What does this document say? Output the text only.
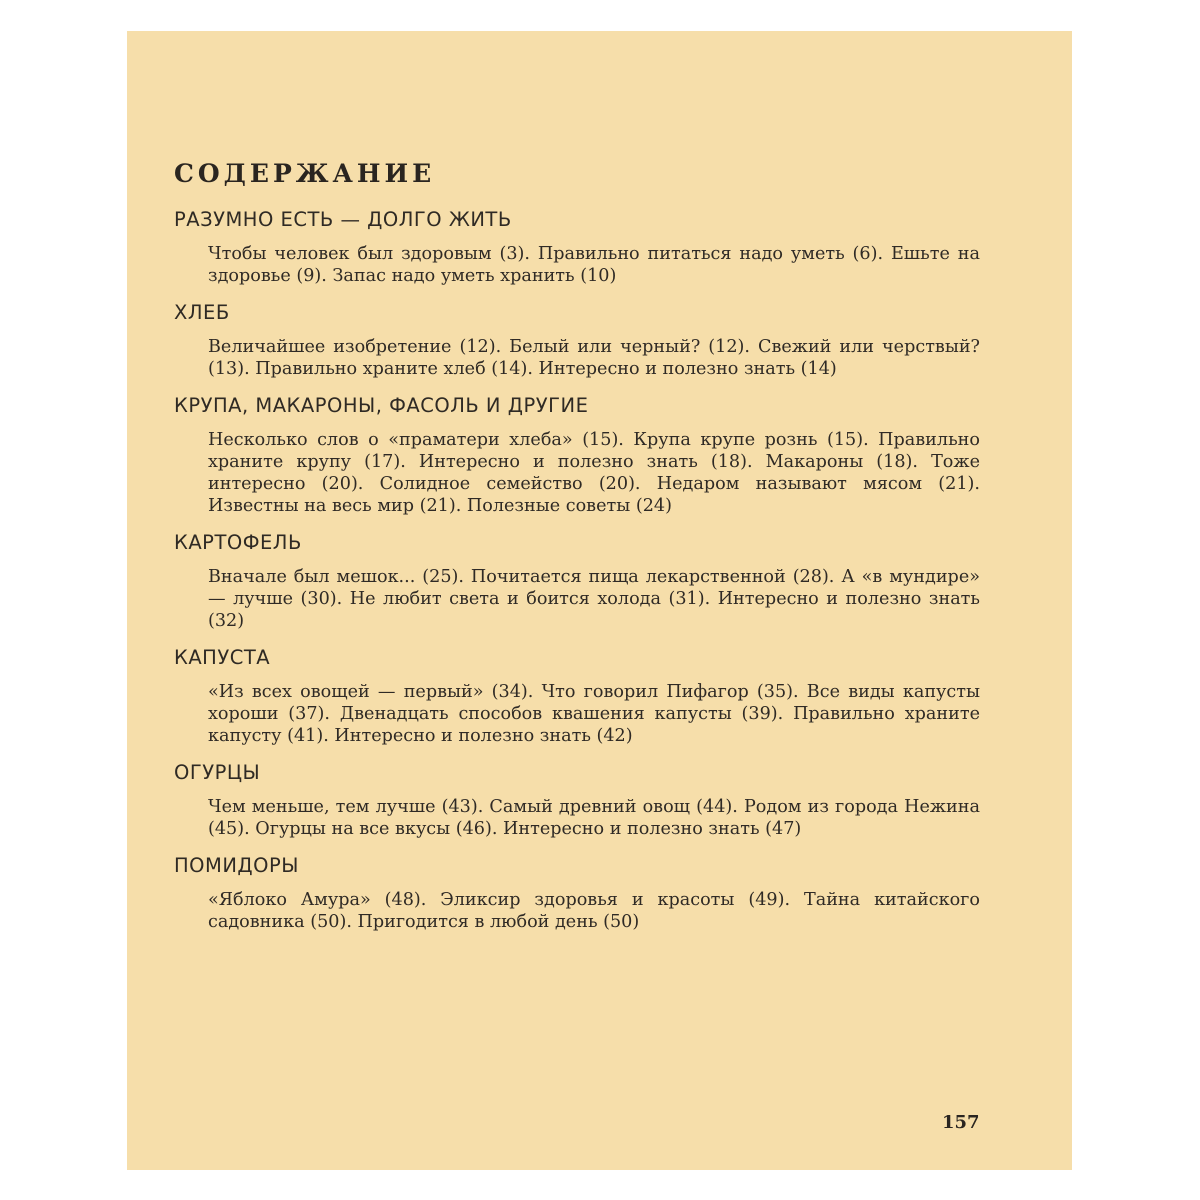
СОДЕРЖАНИЕ
РАЗУМНО ЕСТЬ — ДОЛГО ЖИТЬ

Чтобы человек был здоровым (3). Правильно питаться надо уметь (6). Ешьте на здоровье (9). Запас надо уметь хранить (10)

ХЛЕБ

Величайшее изобретение (12). Белый или черный? (12). Свежий или черствый? (13). Правильно храните хлеб (14). Интересно и полезно знать (14)

КРУПА, МАКАРОНЫ, ФАСОЛЬ И ДРУГИЕ

Несколько слов о «праматери хлеба» (15). Крупа крупе рознь (15). Правильно храните крупу (17). Интересно и полезно знать (18). Макароны (18). Тоже интересно (20). Солидное семейство (20). Недаром называют мясом (21). Известны на весь мир (21). Полезные советы (24)

КАРТОФЕЛЬ

Вначале был мешок... (25). Почитается пища лекарственной (28). А «в мундире» — лучше (30). Не любит света и боится холода (31). Интересно и полезно знать (32)

КАПУСТА

«Из всех овощей — первый» (34). Что говорил Пифагор (35). Все виды капусты хороши (37). Двенадцать способов квашения капусты (39). Правильно храните капусту (41). Интересно и полезно знать (42)

ОГУРЦЫ

Чем меньше, тем лучше (43). Самый древний овощ (44). Родом из города Нежина (45). Огурцы на все вкусы (46). Интересно и полезно знать (47)

ПОМИДОРЫ

«Яблоко Амура» (48). Эликсир здоровья и красоты (49). Тайна китайского садовника (50). Пригодится в любой день (50)

157
